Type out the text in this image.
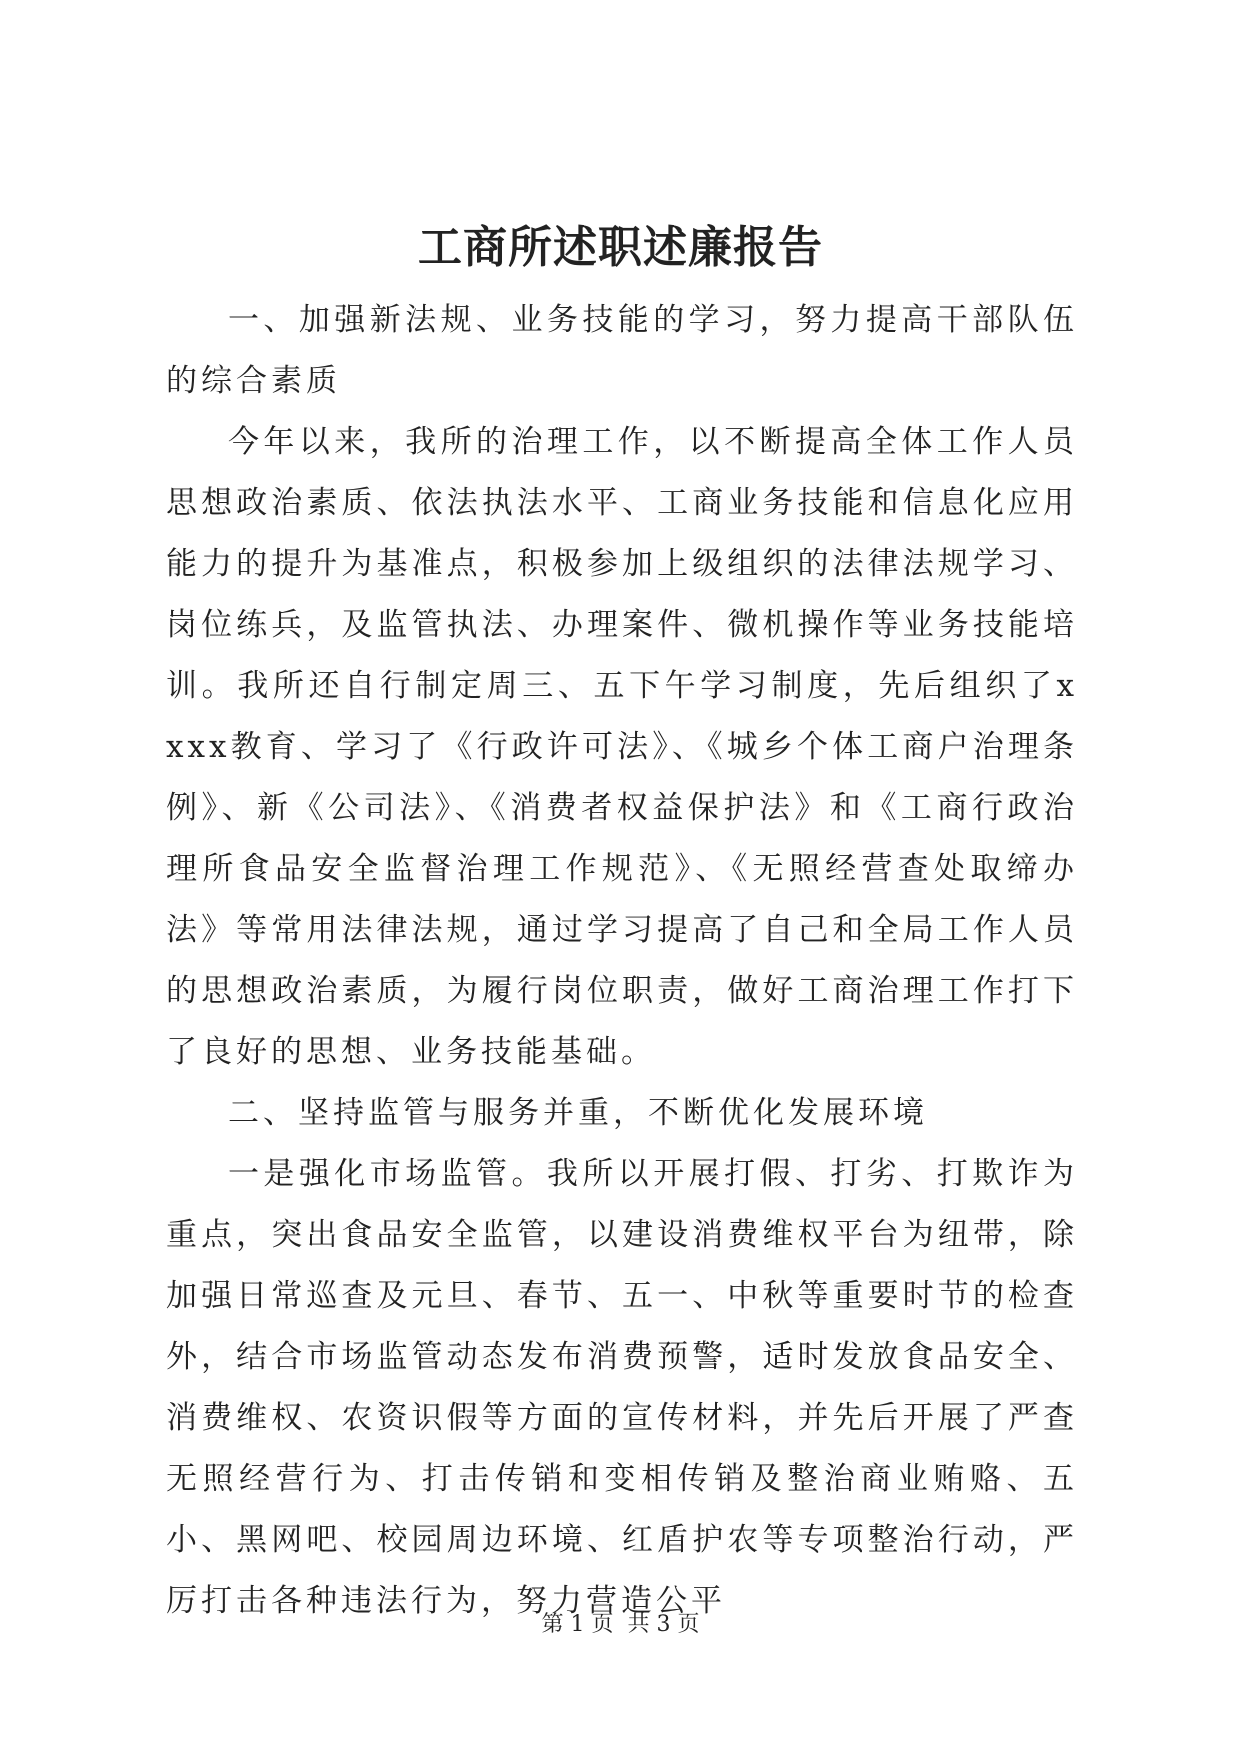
工商所述职述廉报告

一、加强新法规、业务技能的学习，努力提高干部队伍的综合素质

今年以来，我所的治理工作，以不断提高全体工作人员思想政治素质、依法执法水平、工商业务技能和信息化应用能力的提升为基准点，积极参加上级组织的法律法规学习、岗位练兵，及监管执法、办理案件、微机操作等业务技能培训。我所还自行制定周三、五下午学习制度，先后组织了xxxx教育、学习了《行政许可法》、《城乡个体工商户治理条例》、新《公司法》、《消费者权益保护法》和《工商行政治理所食品安全监督治理工作规范》、《无照经营查处取缔办法》等常用法律法规，通过学习提高了自己和全局工作人员的思想政治素质，为履行岗位职责，做好工商治理工作打下了良好的思想、业务技能基础。

二、坚持监管与服务并重，不断优化发展环境

一是强化市场监管。我所以开展打假、打劣、打欺诈为重点，突出食品安全监管，以建设消费维权平台为纽带，除加强日常巡查及元旦、春节、五一、中秋等重要时节的检查外，结合市场监管动态发布消费预警，适时发放食品安全、消费维权、农资识假等方面的宣传材料，并先后开展了严查无照经营行为、打击传销和变相传销及整治商业贿赂、五小、黑网吧、校园周边环境、红盾护农等专项整治行动，严厉打击各种违法行为，努力营造公平

第 1 页  共 3 页
